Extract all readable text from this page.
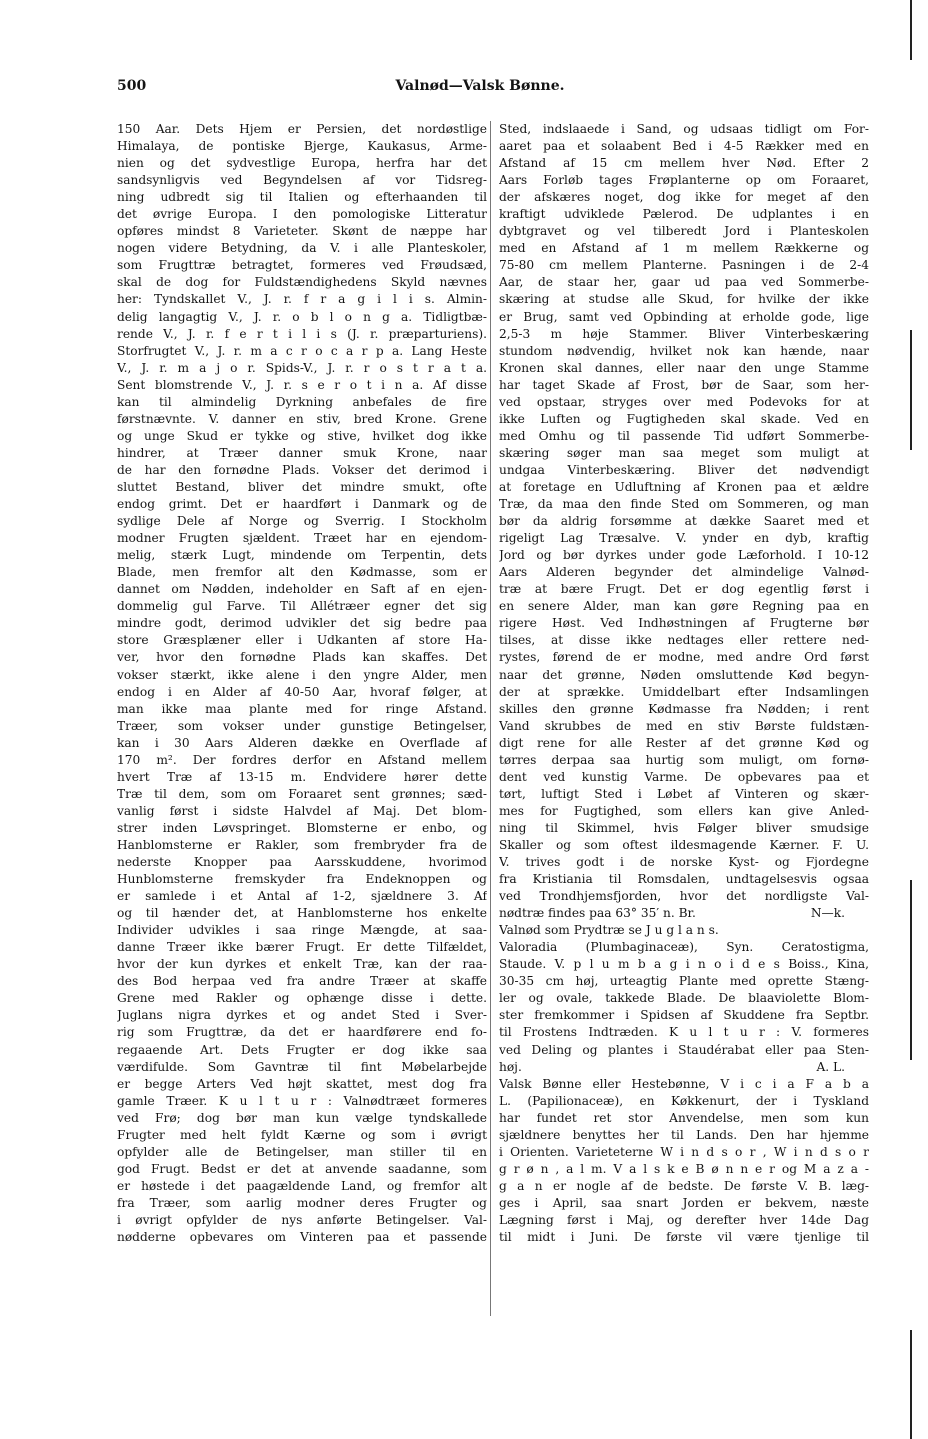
500	Valnød—Valsk Bønne.
150 Aar. Dets Hjem er Persien, det nordøstlige
Himalaya, de pontiske Bjerge, Kaukasus, Arme-
nien og det sydvestlige Europa, herfra har det
sandsynligvis ved Begyndelsen af vor Tidsreg-
ning udbredt sig til Italien og efterhaanden til
det øvrige Europa. I den pomologiske Litteratur
opføres mindst 8 Varieteter. Skønt de næppe har
nogen videre Betydning, da V. i alle Planteskoler,
som Frugttræ betragtet, formeres ved Frøudsæd,
skal de dog for Fuldstændighedens Skyld nævnes
her: Tyndskallet V., J. r. f r a g i l i s. Almin-
delig langagtig V., J. r. o b l o n g a. Tidligtbæ-
rende V., J. r. f e r t i l i s (J. r. præparturiens).
Storfrugtet V., J. r. m a c r o c a r p a. Lang Heste
V., J. r. m a j o r. Spids-V., J. r. r o s t r a t a.
Sent blomstrende V., J. r. s e r o t i n a. Af disse
kan til almindelig Dyrkning anbefales de fire
førstnævnte. V. danner en stiv, bred Krone. Grene
og unge Skud er tykke og stive, hvilket dog ikke
hindrer, at Træer danner smuk Krone, naar
de har den fornødne Plads. Vokser det derimod i
sluttet Bestand, bliver det mindre smukt, ofte
endog grimt. Det er haardført i Danmark og de
sydlige Dele af Norge og Sverrig. I Stockholm
modner Frugten sjældent. Træet har en ejendom-
melig, stærk Lugt, mindende om Terpentin, dets
Blade, men fremfor alt den Kødmasse, som er
dannet om Nødden, indeholder en Saft af en ejen-
dommelig gul Farve. Til Allétræer egner det sig
mindre godt, derimod udvikler det sig bedre paa
store Græsplæner eller i Udkanten af store Ha-
ver, hvor den fornødne Plads kan skaffes. Det
vokser stærkt, ikke alene i den yngre Alder, men
endog i en Alder af 40-50 Aar, hvoraf følger, at
man ikke maa plante med for ringe Afstand.
Træer, som vokser under gunstige Betingelser,
kan i 30 Aars Alderen dække en Overflade af
170 m². Der fordres derfor en Afstand mellem
hvert Træ af 13-15 m. Endvidere hører dette
Træ til dem, som om Foraaret sent grønnes; sæd-
vanlig først i sidste Halvdel af Maj. Det blom-
strer inden Løvspringet. Blomsterne er enbo, og
Hanblomsterne er Rakler, som frembryder fra de
nederste Knopper paa Aarsskuddene, hvorimod
Hunblomsterne fremskyder fra Endeknoppen og
er samlede i et Antal af 1-2, sjældnere 3. Af
og til hænder det, at Hanblomsterne hos enkelte
Individer udvikles i saa ringe Mængde, at saa-
danne Træer ikke bærer Frugt. Er dette Tilfældet,
hvor der kun dyrkes et enkelt Træ, kan der raa-
des Bod herpaa ved fra andre Træer at skaffe
Grene med Rakler og ophænge disse i dette.
Juglans nigra dyrkes et og andet Sted i Sver-
rig som Frugttræ, da det er haardførere end fo-
regaaende Art. Dets Frugter er dog ikke saa
værdifulde. Som Gavntræ til fint Møbelarbejde
er begge Arters Ved højt skattet, mest dog fra
gamle Træer. K u l t u r : Valnødtræet formeres
ved Frø; dog bør man kun vælge tyndskallede
Frugter med helt fyldt Kærne og som i øvrigt
opfylder alle de Betingelser, man stiller til en
god Frugt. Bedst er det at anvende saadanne, som
er høstede i det paagældende Land, og fremfor alt
fra Træer, som aarlig modner deres Frugter og
i øvrigt opfylder de nys anførte Betingelser. Val-
nødderne opbevares om Vinteren paa et passende
Sted, indslaaede i Sand, og udsaas tidligt om For-
aaret paa et solaabent Bed i 4-5 Rækker med en
Afstand af 15 cm mellem hver Nød. Efter 2
Aars Forløb tages Frøplanterne op om Foraaret,
der afskæres noget, dog ikke for meget af den
kraftigt udviklede Pælerod. De udplantes i en
dybtgravet og vel tilberedt Jord i Planteskolen
med en Afstand af 1 m mellem Rækkerne og
75-80 cm mellem Planterne. Pasningen i de 2-4
Aar, de staar her, gaar ud paa ved Sommerbe-
skæring at studse alle Skud, for hvilke der ikke
er Brug, samt ved Opbinding at erholde gode, lige
2,5-3 m høje Stammer. Bliver Vinterbeskæring
stundom nødvendig, hvilket nok kan hænde, naar
Kronen skal dannes, eller naar den unge Stamme
har taget Skade af Frost, bør de Saar, som her-
ved opstaar, stryges over med Podevoks for at
ikke Luften og Fugtigheden skal skade. Ved en
med Omhu og til passende Tid udført Sommerbe-
skæring søger man saa meget som muligt at
undgaa Vinterbeskæring. Bliver det nødvendigt
at foretage en Udluftning af Kronen paa et ældre
Træ, da maa den finde Sted om Sommeren, og man
bør da aldrig forsømme at dække Saaret med et
rigeligt Lag Træsalve. V. ynder en dyb, kraftig
Jord og bør dyrkes under gode Læforhold. I 10-12
Aars Alderen begynder det almindelige Valnød-
træ at bære Frugt. Det er dog egentlig først i
en senere Alder, man kan gøre Regning paa en
rigere Høst. Ved Indhøstningen af Frugterne bør
tilses, at disse ikke nedtages eller rettere ned-
rystes, førend de er modne, med andre Ord først
naar det grønne, Nøden omsluttende Kød begyn-
der at sprække. Umiddelbart efter Indsamlingen
skilles den grønne Kødmasse fra Nødden; i rent
Vand skrubbes de med en stiv Børste fuldstæn-
digt rene for alle Rester af det grønne Kød og
tørres derpaa saa hurtig som muligt, om fornø-
dent ved kunstig Varme. De opbevares paa et
tørt, luftigt Sted i Løbet af Vinteren og skær-
mes for Fugtighed, som ellers kan give Anled-
ning til Skimmel, hvis Følger bliver smudsige
Skaller og som oftest ildesmagende Kærner. F. U.
V. trives godt i de norske Kyst- og Fjordegne
fra Kristiania til Romsdalen, undtagelsesvis ogsaa
ved Trondhjemsfjorden, hvor det nordligste Val-
nødtræ findes paa 63° 35′ n. Br.	N—k.
Valnød som Prydtræ se J u g l a n s.
Valoradia (Plumbaginaceæ), Syn. Ceratostigma,
Staude. V. p l u m b a g i n o i d e s Boiss., Kina,
30-35 cm høj, urteagtig Plante med oprette Stæng-
ler og ovale, takkede Blade. De blaaviolette Blom-
ster fremkommer i Spidsen af Skuddene fra Septbr.
til Frostens Indtræden. K u l t u r : V. formeres
ved Deling og plantes i Staudérabat eller paa Sten-
høj.	A. L.
Valsk Bønne eller Hestebønne, V i c i a F a b a
L. (Papilionaceæ), en Køkkenurt, der i Tyskland
har fundet ret stor Anvendelse, men som kun
sjældnere benyttes her til Lands. Den har hjemme
i Orienten. Varieteterne W i n d s o r , W i n d s o r
g r ø n , a l m. V a l s k e B ø n n e r og M a z a -
g a n er nogle af de bedste. De første V. B. læg-
ges i April, saa snart Jorden er bekvem, næste
Lægning først i Maj, og derefter hver 14de Dag
til midt i Juni. De første vil være tjenlige til
